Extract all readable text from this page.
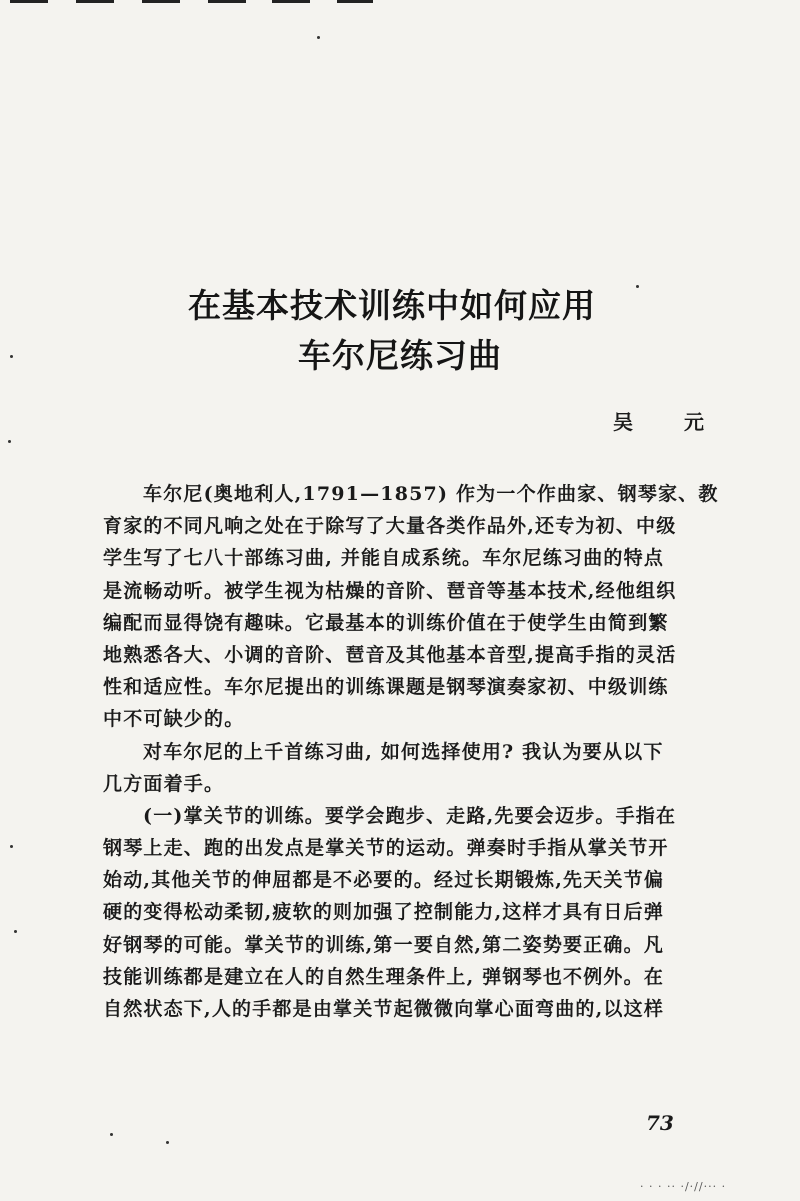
在基本技术训练中如何应用
车尔尼练习曲
吴 元
车尔尼(奥地利人,1791—1857) 作为一个作曲家、钢琴家、教
育家的不同凡响之处在于除写了大量各类作品外,还专为初、中级
学生写了七八十部练习曲, 并能自成系统。车尔尼练习曲的特点
是流畅动听。被学生视为枯燥的音阶、琶音等基本技术,经他组织
编配而显得饶有趣味。它最基本的训练价值在于使学生由简到繁
地熟悉各大、小调的音阶、琶音及其他基本音型,提高手指的灵活
性和适应性。车尔尼提出的训练课题是钢琴演奏家初、中级训练
中不可缺少的。
对车尔尼的上千首练习曲, 如何选择使用? 我认为要从以下
几方面着手。
(一)掌关节的训练。要学会跑步、走路,先要会迈步。手指在
钢琴上走、跑的出发点是掌关节的运动。弹奏时手指从掌关节开
始动,其他关节的伸屈都是不必要的。经过长期锻炼,先天关节偏
硬的变得松动柔韧,疲软的则加强了控制能力,这样才具有日后弹
好钢琴的可能。掌关节的训练,第一要自然,第二姿势要正确。凡
技能训练都是建立在人的自然生理条件上, 弹钢琴也不例外。在
自然状态下,人的手都是由掌关节起微微向掌心面弯曲的,以这样
73
· · · ·· ·/·//··· ·
